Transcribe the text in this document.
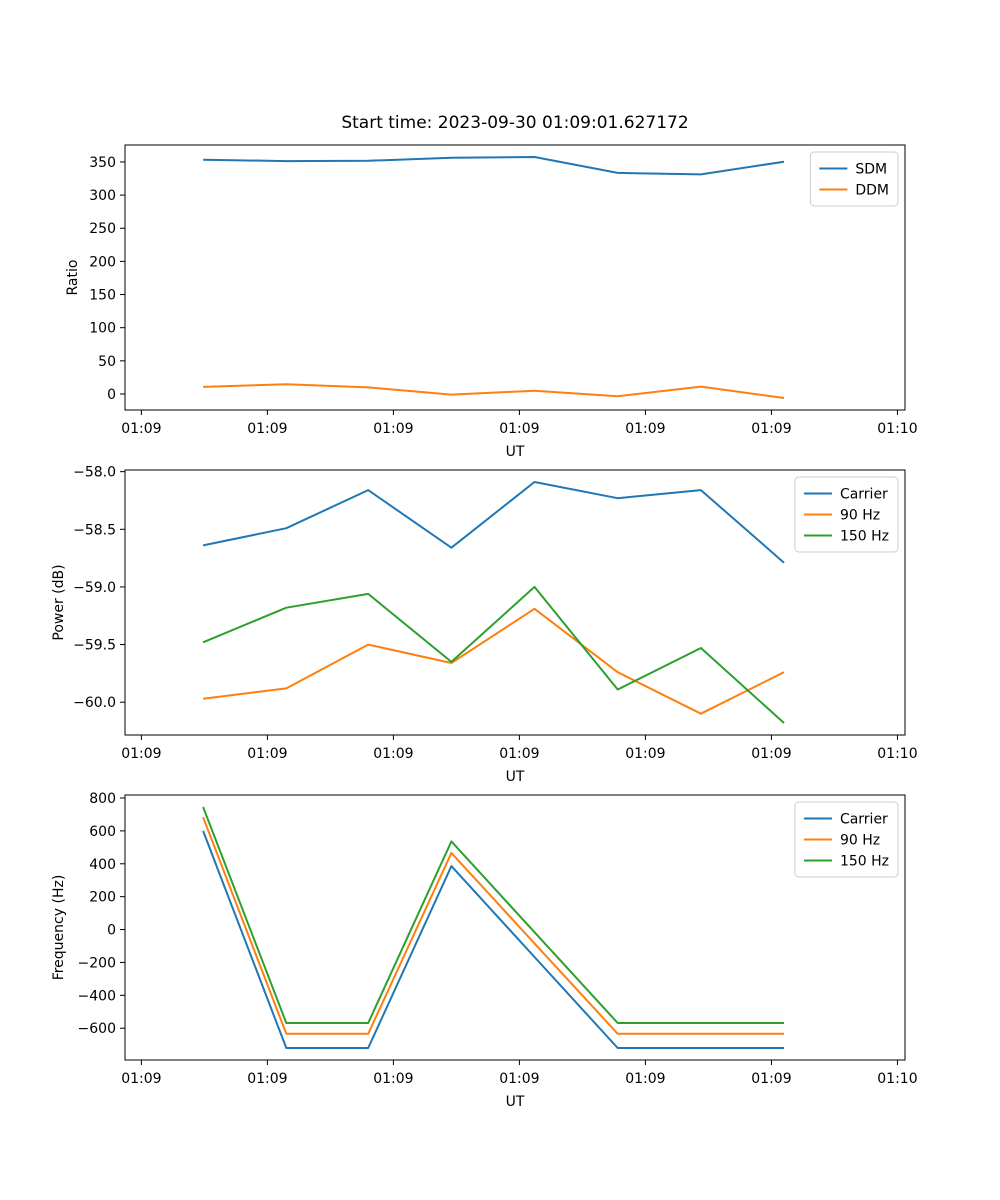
01:09	01:09	01:09	01:09	01:09	01:09	01:10
0
50
100
150
200
250
300
350
UT
Ratio
SDM
DDM
01:09	01:09	01:09	01:09	01:09	01:09	01:10
−58.0
−58.5
−59.0
−59.5
−60.0
UT
Power (dB)
Carrier
90 Hz
150 Hz
01:09	01:09	01:09	01:09	01:09	01:09	01:10
800
600
400
200
0
−200
−400
−600
UT
Frequency (Hz)
Carrier
90 Hz
150 Hz
Start time: 2023-09-30 01:09:01.627172
